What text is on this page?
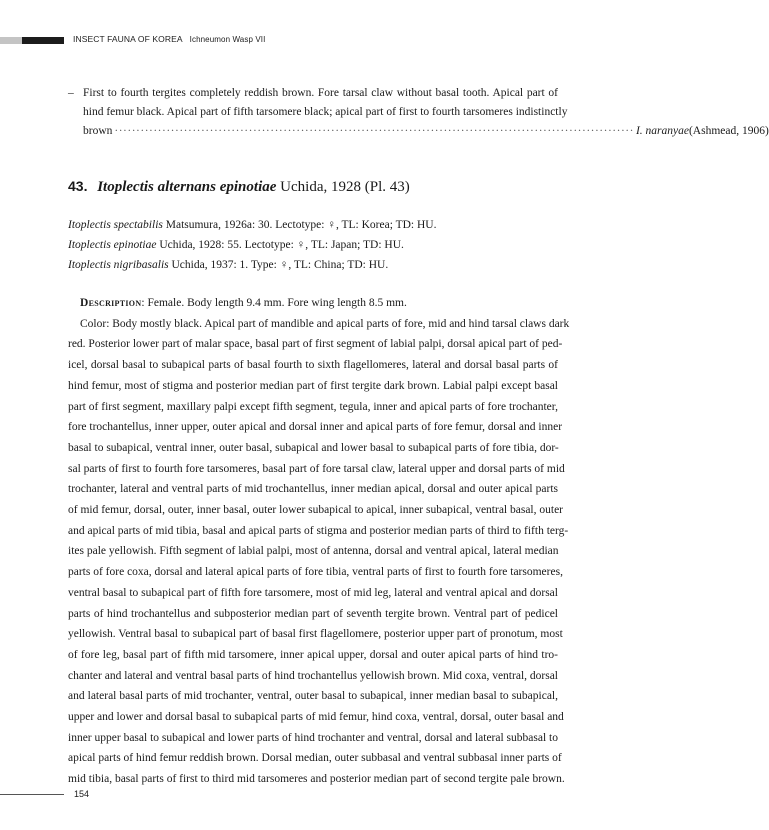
INSECT FAUNA OF KOREA Ichneumon Wasp VII
– First to fourth tergites completely reddish brown. Fore tarsal claw without basal tooth. Apical part of
hind femur black. Apical part of fifth tarsomere black; apical part of first to fourth tarsomeres indistinctly
brown ························································································································ I. naranyae (Ashmead, 1906)
43. Itoplectis alternans epinotiae Uchida, 1928 (Pl. 43)
Itoplectis spectabilis Matsumura, 1926a: 30. Lectotype: ♀, TL: Korea; TD: HU.
Itoplectis epinotiae Uchida, 1928: 55. Lectotype: ♀, TL: Japan; TD: HU.
Itoplectis nigribasalis Uchida, 1937: 1. Type: ♀, TL: China; TD: HU.
Description: Female. Body length 9.4 mm. Fore wing length 8.5 mm.
Color: Body mostly black. Apical part of mandible and apical parts of fore, mid and hind tarsal claws dark
red. Posterior lower part of malar space, basal part of first segment of labial palpi, dorsal apical part of ped-
icel, dorsal basal to subapical parts of basal fourth to sixth flagellomeres, lateral and dorsal basal parts of
hind femur, most of stigma and posterior median part of first tergite dark brown. Labial palpi except basal
part of first segment, maxillary palpi except fifth segment, tegula, inner and apical parts of fore trochanter,
fore trochantellus, inner upper, outer apical and dorsal inner and apical parts of fore femur, dorsal and inner
basal to subapical, ventral inner, outer basal, subapical and lower basal to subapical parts of fore tibia, dor-
sal parts of first to fourth fore tarsomeres, basal part of fore tarsal claw, lateral upper and dorsal parts of mid
trochanter, lateral and ventral parts of mid trochantellus, inner median apical, dorsal and outer apical parts
of mid femur, dorsal, outer, inner basal, outer lower subapical to apical, inner subapical, ventral basal, outer
and apical parts of mid tibia, basal and apical parts of stigma and posterior median parts of third to fifth terg-
ites pale yellowish. Fifth segment of labial palpi, most of antenna, dorsal and ventral apical, lateral median
parts of fore coxa, dorsal and lateral apical parts of fore tibia, ventral parts of first to fourth fore tarsomeres,
ventral basal to subapical part of fifth fore tarsomere, most of mid leg, lateral and ventral apical and dorsal
parts of hind trochantellus and subposterior median part of seventh tergite brown. Ventral part of pedicel
yellowish. Ventral basal to subapical part of basal first flagellomere, posterior upper part of pronotum, most
of fore leg, basal part of fifth mid tarsomere, inner apical upper, dorsal and outer apical parts of hind tro-
chanter and lateral and ventral basal parts of hind trochantellus yellowish brown. Mid coxa, ventral, dorsal
and lateral basal parts of mid trochanter, ventral, outer basal to subapical, inner median basal to subapical,
upper and lower and dorsal basal to subapical parts of mid femur, hind coxa, ventral, dorsal, outer basal and
inner upper basal to subapical and lower parts of hind trochanter and ventral, dorsal and lateral subbasal to
apical parts of hind femur reddish brown. Dorsal median, outer subbasal and ventral subbasal inner parts of
mid tibia, basal parts of first to third mid tarsomeres and posterior median part of second tergite pale brown.
154
